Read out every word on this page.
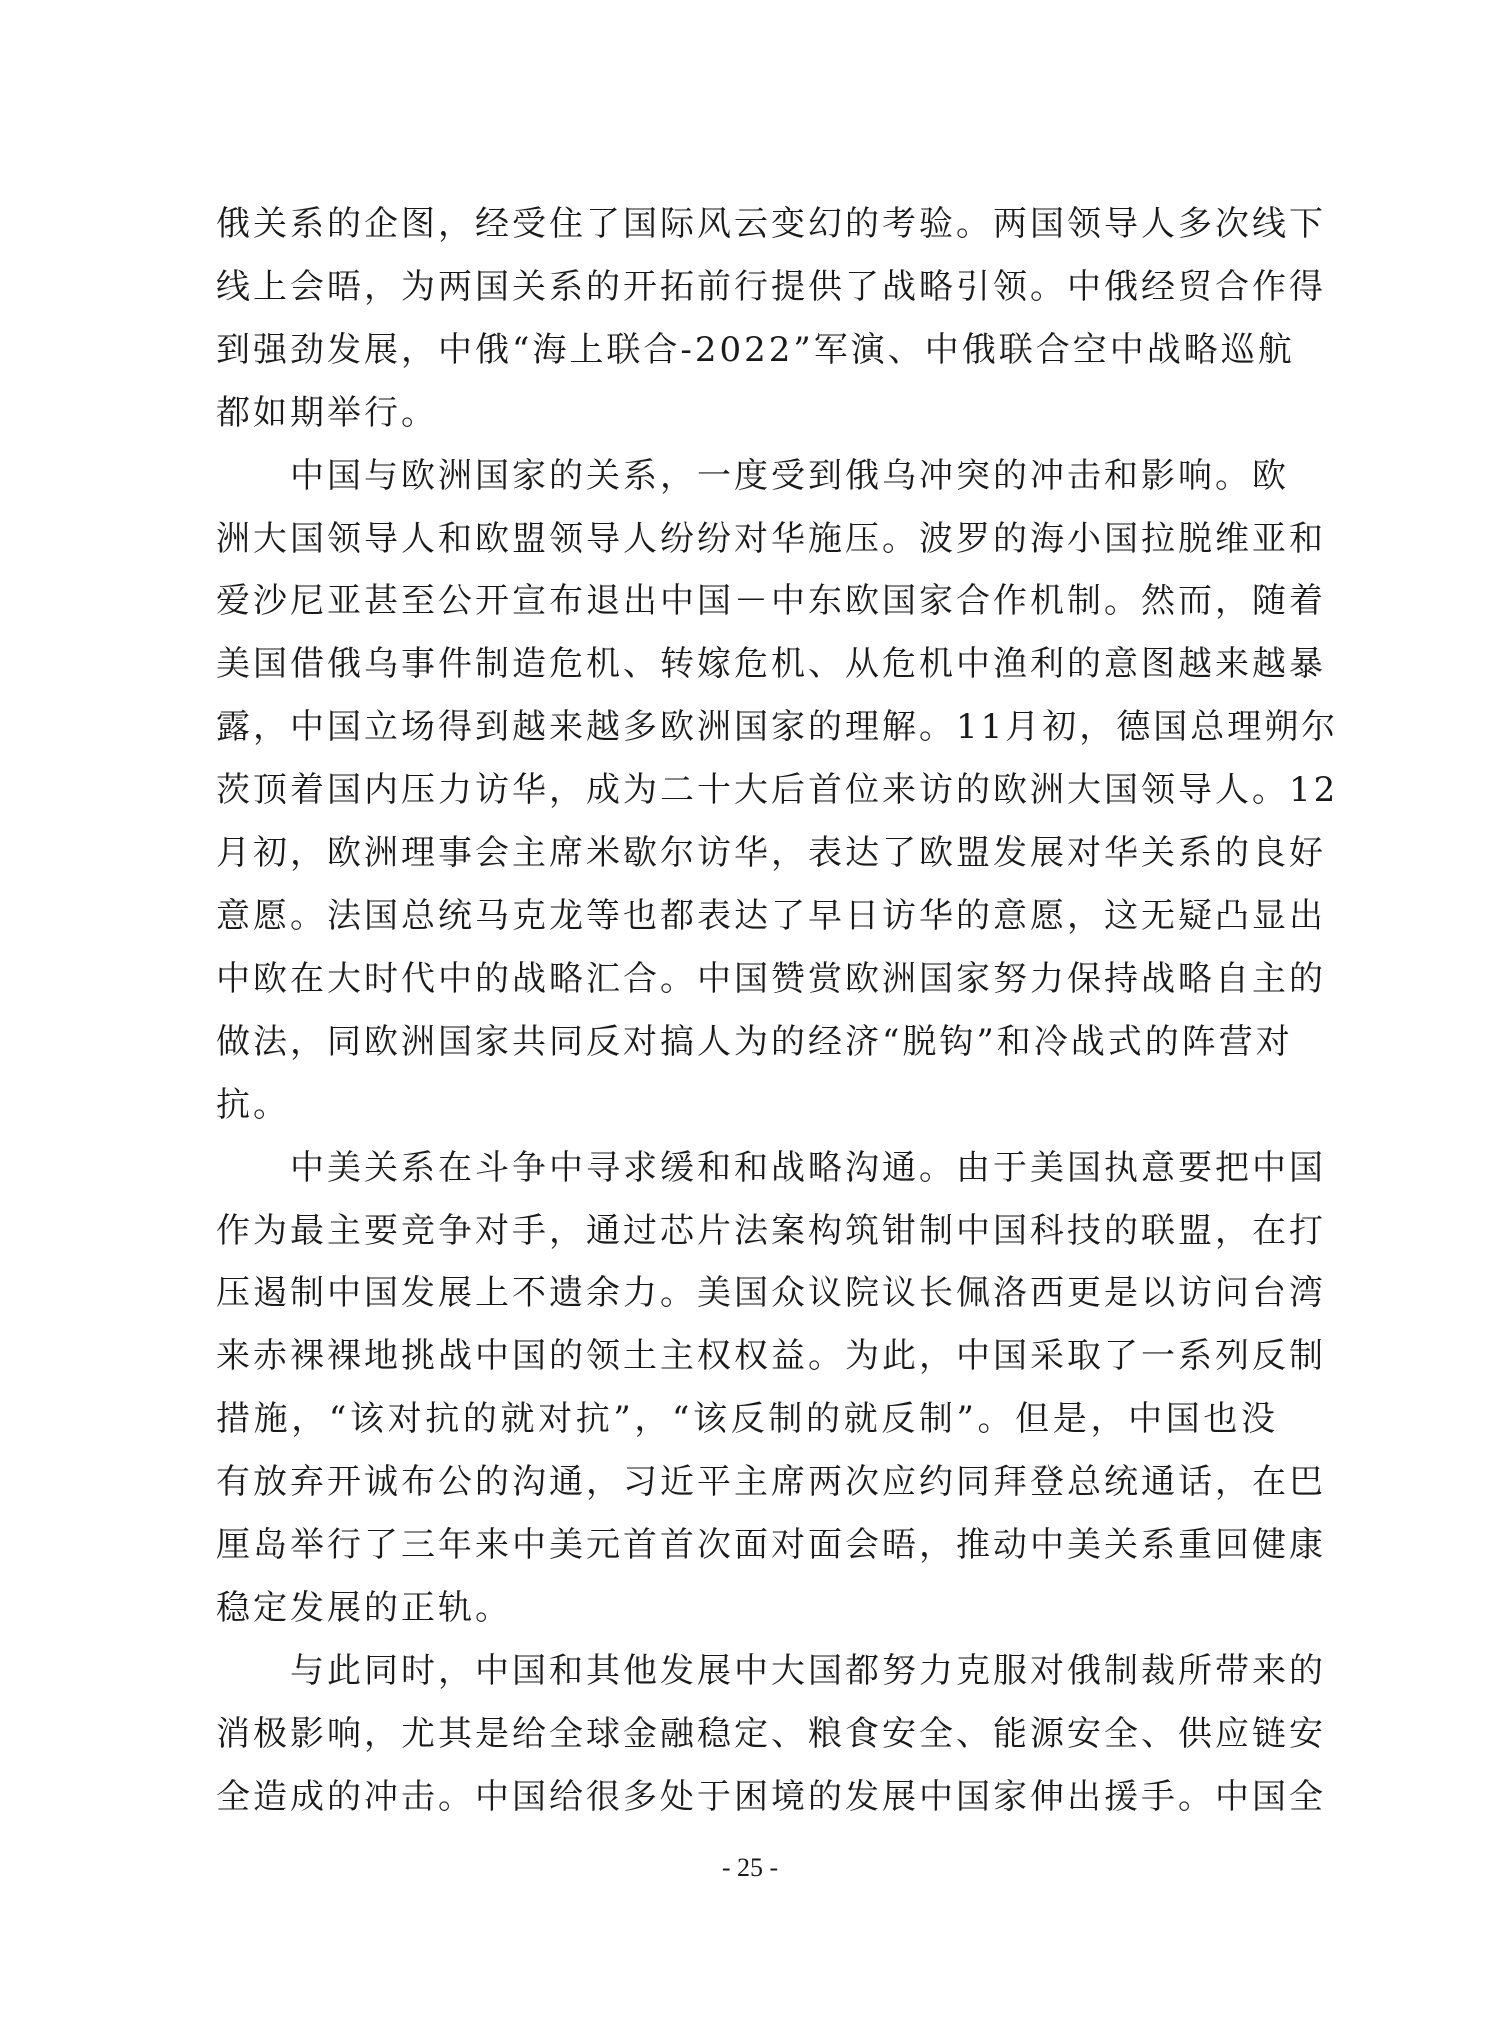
俄关系的企图，经受住了国际风云变幻的考验。两国领导人多次线下
线上会晤，为两国关系的开拓前行提供了战略引领。中俄经贸合作得
到强劲发展，中俄“海上联合-2022”军演、中俄联合空中战略巡航
都如期举行。

中国与欧洲国家的关系，一度受到俄乌冲突的冲击和影响。欧
洲大国领导人和欧盟领导人纷纷对华施压。波罗的海小国拉脱维亚和
爱沙尼亚甚至公开宣布退出中国－中东欧国家合作机制。然而，随着
美国借俄乌事件制造危机、转嫁危机、从危机中渔利的意图越来越暴
露，中国立场得到越来越多欧洲国家的理解。11月初，德国总理朔尔
茨顶着国内压力访华，成为二十大后首位来访的欧洲大国领导人。12
月初，欧洲理事会主席米歇尔访华，表达了欧盟发展对华关系的良好
意愿。法国总统马克龙等也都表达了早日访华的意愿，这无疑凸显出
中欧在大时代中的战略汇合。中国赞赏欧洲国家努力保持战略自主的
做法，同欧洲国家共同反对搞人为的经济“脱钩”和冷战式的阵营对
抗。

中美关系在斗争中寻求缓和和战略沟通。由于美国执意要把中国
作为最主要竞争对手，通过芯片法案构筑钳制中国科技的联盟，在打
压遏制中国发展上不遗余力。美国众议院议长佩洛西更是以访问台湾
来赤裸裸地挑战中国的领土主权权益。为此，中国采取了一系列反制
措施，“该对抗的就对抗”，“该反制的就反制”。但是，中国也没
有放弃开诚布公的沟通，习近平主席两次应约同拜登总统通话，在巴
厘岛举行了三年来中美元首首次面对面会晤，推动中美关系重回健康
稳定发展的正轨。

与此同时，中国和其他发展中大国都努力克服对俄制裁所带来的
消极影响，尤其是给全球金融稳定、粮食安全、能源安全、供应链安
全造成的冲击。中国给很多处于困境的发展中国家伸出援手。中国全

- 25 -
